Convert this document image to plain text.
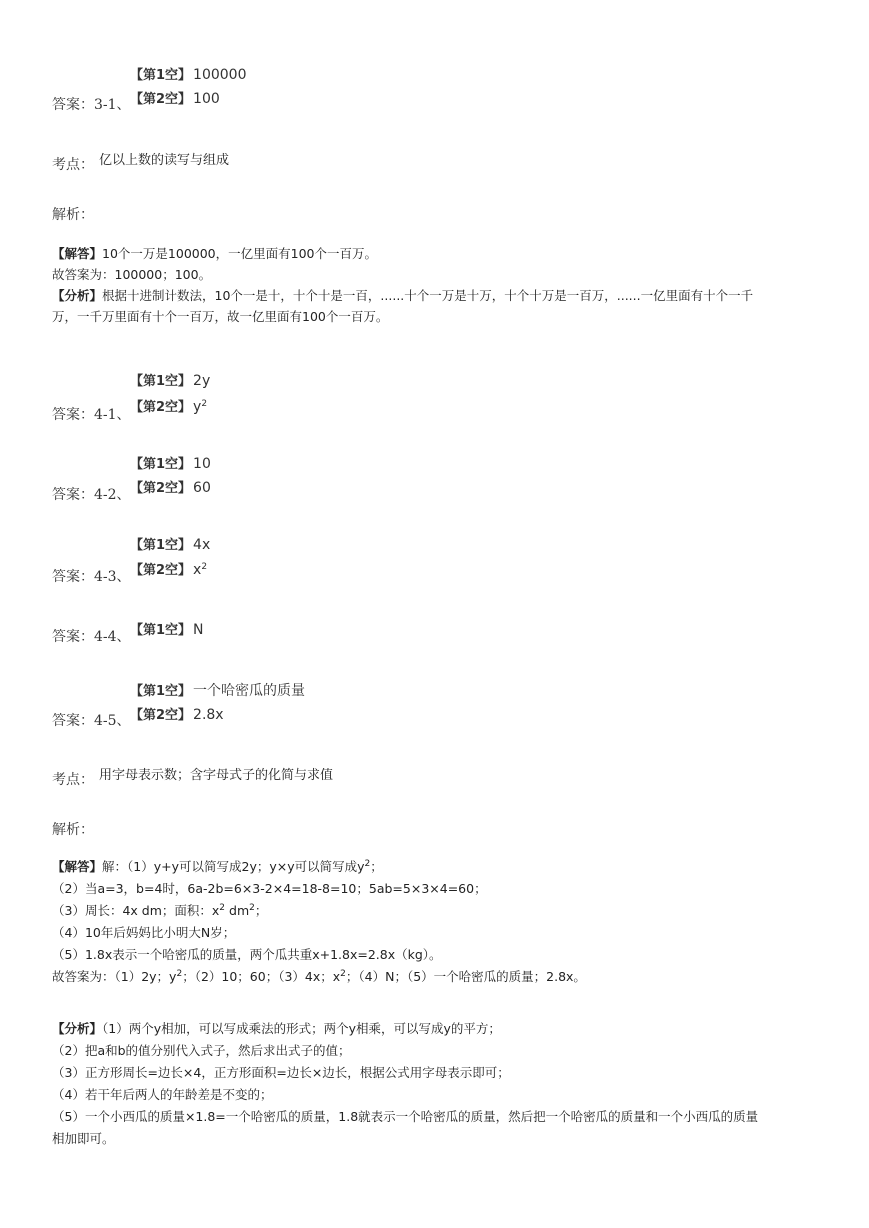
【第1空】 100000
答案：3-1、 【第2空】 100
考点： 亿以上数的读写与组成
解析：
【解答】10个一万是100000，一亿里面有100个一百万。
故答案为：100000；100。
【分析】根据十进制计数法，10个一是十，十个十是一百，......十个一万是十万，十个十万是一百万，......一亿里面有十个一千
万，一千万里面有十个一百万，故一亿里面有100个一百万。
【第1空】 2y
答案：4-1、 【第2空】 $y^2$
【第1空】 10
答案：4-2、 【第2空】 60
【第1空】 4x
答案：4-3、 【第2空】 $x^2$
答案：4-4、 【第1空】 N
【第1空】 一个哈密瓜的质量
答案：4-5、 【第2空】 2.8x
考点： 用字母表示数；含字母式子的化简与求值
解析：
【解答】解：（1）y+y可以简写成2y；y×y可以简写成$y^2$；
（2）当a=3，b=4时，6a-2b=6×3-2×4=18-8=10；5ab=5×3×4=60；
（3）周长：4x dm；面积：$x^2$ $dm^2$；
（4）10年后妈妈比小明大N岁；
（5）1.8x表示一个哈密瓜的质量，两个瓜共重x+1.8x=2.8x（kg）。
故答案为：（1）2y；$y^2$；（2）10；60；（3）4x；$x^2$；（4）N；（5）一个哈密瓜的质量；2.8x。
【分析】（1）两个y相加，可以写成乘法的形式；两个y相乘，可以写成y的平方；
（2）把a和b的值分别代入式子，然后求出式子的值；
（3）正方形周长=边长×4，正方形面积=边长×边长，根据公式用字母表示即可；
（4）若干年后两人的年龄差是不变的；
（5）一个小西瓜的质量×1.8=一个哈密瓜的质量，1.8就表示一个哈密瓜的质量，然后把一个哈密瓜的质量和一个小西瓜的质量
相加即可。
